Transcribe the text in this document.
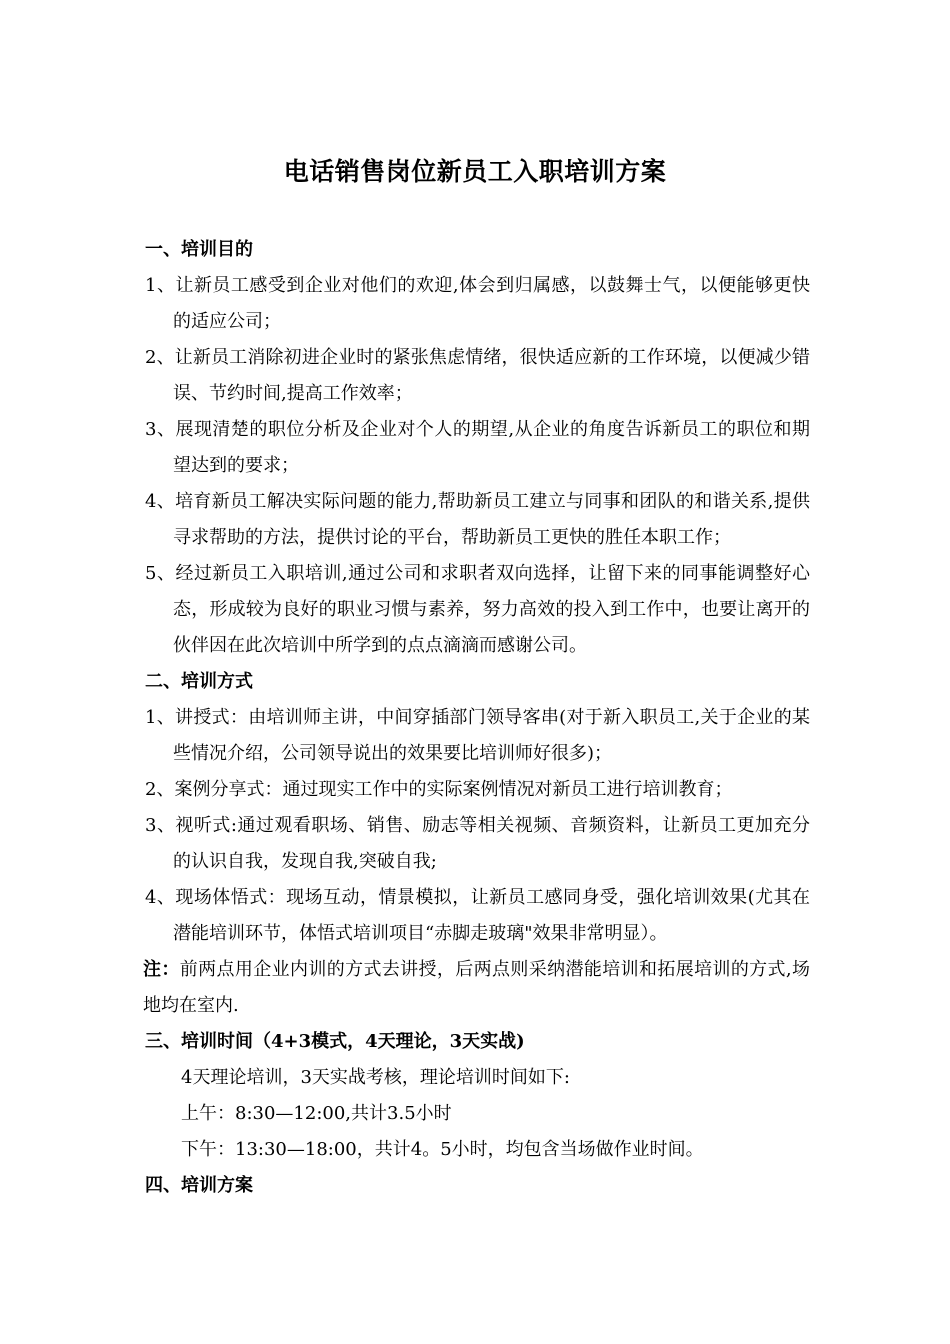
电话销售岗位新员工入职培训方案
一、培训目的
1、让新员工感受到企业对他们的欢迎,体会到归属感，以鼓舞士气，以便能够更快的适应公司；
2、让新员工消除初进企业时的紧张焦虑情绪，很快适应新的工作环境，以便减少错误、节约时间,提高工作效率；
3、展现清楚的职位分析及企业对个人的期望,从企业的角度告诉新员工的职位和期望达到的要求；
4、培育新员工解决实际问题的能力,帮助新员工建立与同事和团队的和谐关系,提供寻求帮助的方法，提供讨论的平台，帮助新员工更快的胜任本职工作；
5、经过新员工入职培训,通过公司和求职者双向选择，让留下来的同事能调整好心态，形成较为良好的职业习惯与素养，努力高效的投入到工作中，也要让离开的伙伴因在此次培训中所学到的点点滴滴而感谢公司。
二、培训方式
1、讲授式：由培训师主讲，中间穿插部门领导客串(对于新入职员工,关于企业的某些情况介绍，公司领导说出的效果要比培训师好很多)；
2、案例分享式：通过现实工作中的实际案例情况对新员工进行培训教育；
3、视听式:通过观看职场、销售、励志等相关视频、音频资料，让新员工更加充分的认识自我，发现自我,突破自我;
4、现场体悟式：现场互动，情景模拟，让新员工感同身受，强化培训效果(尤其在潜能培训环节，体悟式培训项目“赤脚走玻璃"效果非常明显）。
注：前两点用企业内训的方式去讲授，后两点则采纳潜能培训和拓展培训的方式,场地均在室内.
三、培训时间（4+3模式，4天理论，3天实战)
4天理论培训，3天实战考核，理论培训时间如下:
上午：8:30—12:00,共计3.5小时
下午：13:30—18:00，共计4。5小时，均包含当场做作业时间。
四、培训方案
